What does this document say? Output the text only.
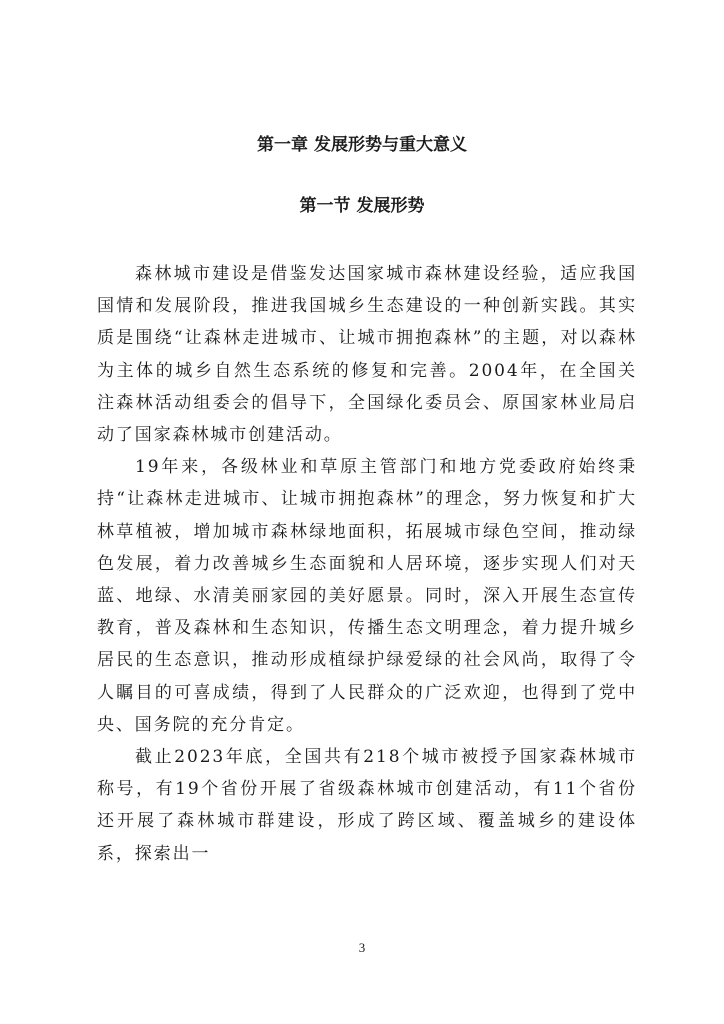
第一章 发展形势与重大意义
第一节 发展形势

森林城市建设是借鉴发达国家城市森林建设经验，适应我国国情和发展阶段，推进我国城乡生态建设的一种创新实践。其实质是围绕“让森林走进城市、让城市拥抱森林”的主题，对以森林为主体的城乡自然生态系统的修复和完善。2004年，在全国关注森林活动组委会的倡导下，全国绿化委员会、原国家林业局启动了国家森林城市创建活动。

19年来，各级林业和草原主管部门和地方党委政府始终秉持“让森林走进城市、让城市拥抱森林”的理念，努力恢复和扩大林草植被，增加城市森林绿地面积，拓展城市绿色空间，推动绿色发展，着力改善城乡生态面貌和人居环境，逐步实现人们对天蓝、地绿、水清美丽家园的美好愿景。同时，深入开展生态宣传教育，普及森林和生态知识，传播生态文明理念，着力提升城乡居民的生态意识，推动形成植绿护绿爱绿的社会风尚，取得了令人瞩目的可喜成绩，得到了人民群众的广泛欢迎，也得到了党中央、国务院的充分肯定。

截止2023年底，全国共有218个城市被授予国家森林城市称号，有19个省份开展了省级森林城市创建活动，有11个省份还开展了森林城市群建设，形成了跨区域、覆盖城乡的建设体系，探索出一

3
